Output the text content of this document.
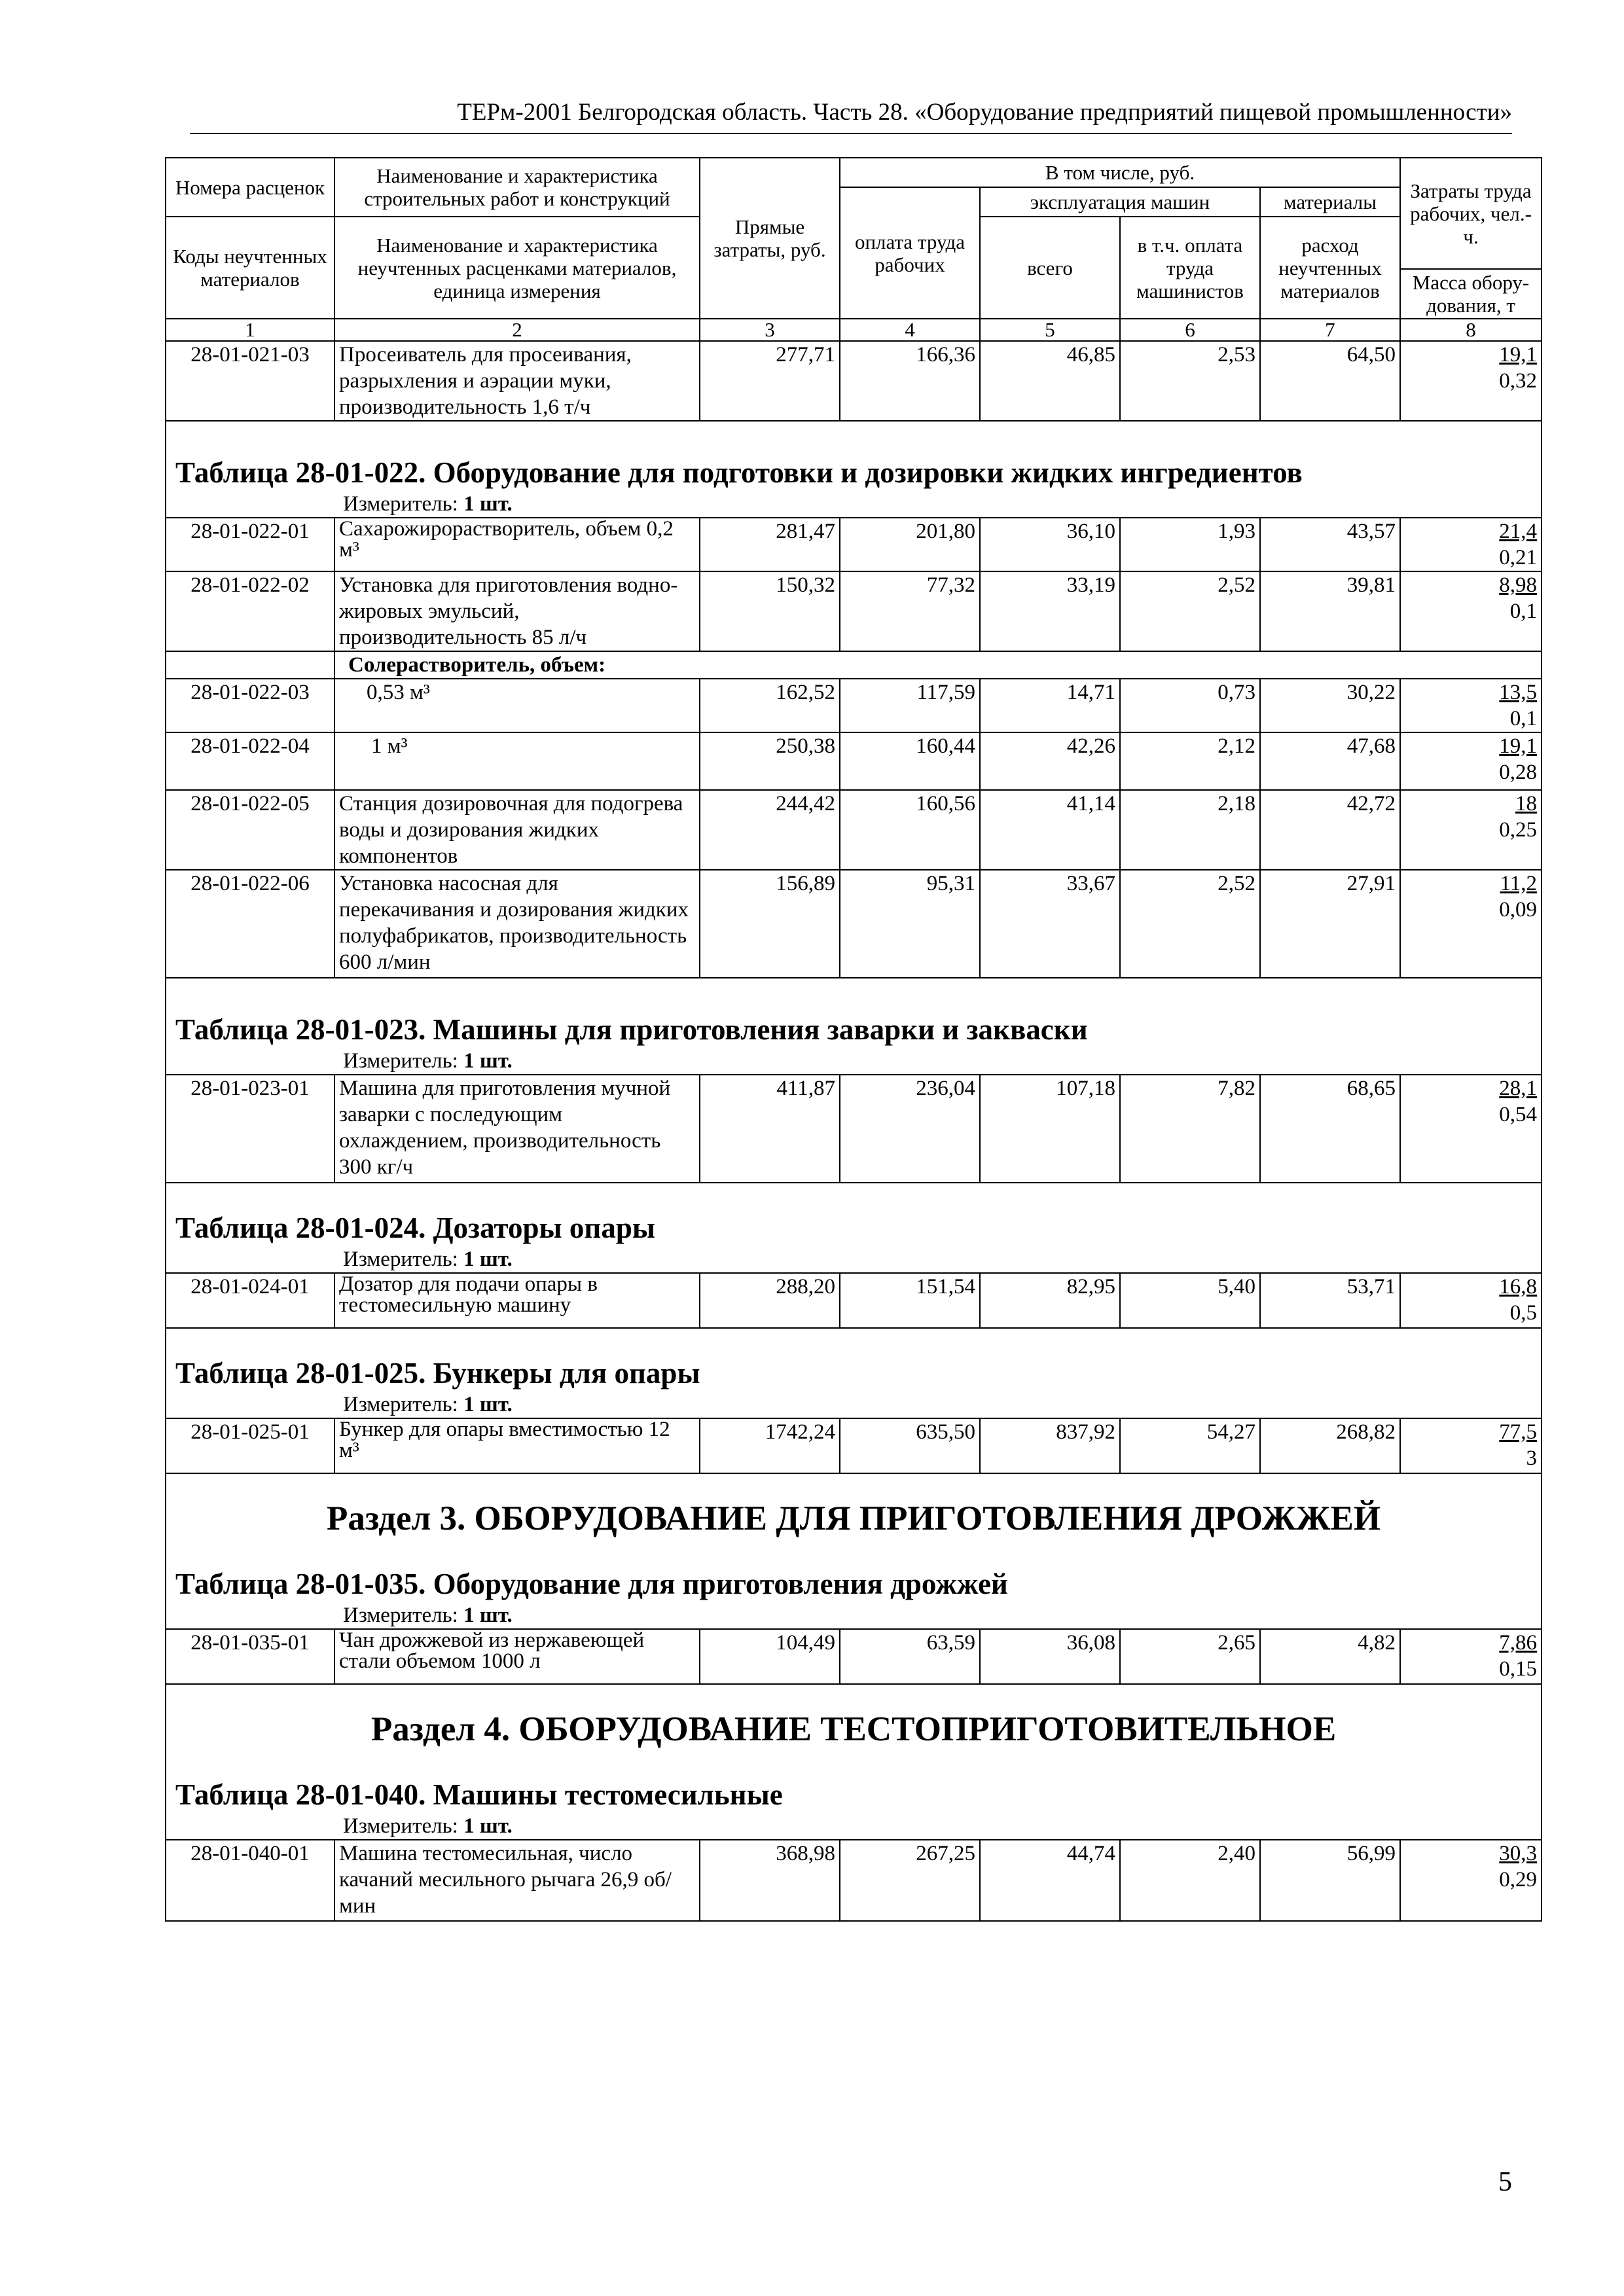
ТЕРм-2001 Белгородская область. Часть 28. «Оборудование предприятий пищевой промышленности»
Номера расценок	Наименование и характеристика строительных работ и конструкций	Прямые затраты, руб.	В том числе, руб.				Затраты труда рабочих, чел.-ч.
			оплата труда рабочих	эксплуатация машин		материалы	
Коды неучтенных материалов	Наименование и характеристика неучтенных расценками материалов, единица измерения			всего	в т.ч. оплата труда машинистов	расход неучтенных материалов	
							Масса обору-дования, т
1	2	3	4	5	6	7	8
28-01-021-03	Просеиватель для просеивания, разрыхления и аэрации муки, производительность 1,6 т/ч	277,71	166,36	46,85	2,53	64,50	19,1
0,32

Таблица 28-01-022. Оборудование для подготовки и дозировки жидких ингредиентов
Измеритель: 1 шт.							

28-01-022-01	Сахарожирорастворитель, объем 0,2 м³	281,47	201,80	36,10	1,93	43,57	21,4
0,21
28-01-022-02	Установка для приготовления водно-жировых эмульсий, производительность 85 л/ч	150,32	77,32	33,19	2,52	39,81	8,98
0,1
	Солерастворитель, объем:						
28-01-022-03	0,53 м³	162,52	117,59	14,71	0,73	30,22	13,5
0,1
28-01-022-04	1 м³	250,38	160,44	42,26	2,12	47,68	19,1
0,28
28-01-022-05	Станция дозировочная для подогрева воды и дозирования жидких компонентов	244,42	160,56	41,14	2,18	42,72	18
0,25
28-01-022-06	Установка насосная для перекачивания и дозирования жидких полуфабрикатов, производительность 600 л/мин	156,89	95,31	33,67	2,52	27,91	11,2
0,09

Таблица 28-01-023. Машины для приготовления заварки и закваски
Измеритель: 1 шт.							

28-01-023-01	Машина для приготовления мучной заварки с последующим охлаждением, производительность 300 кг/ч	411,87	236,04	107,18	7,82	68,65	28,1
0,54

Таблица 28-01-024. Дозаторы опары
Измеритель: 1 шт.							

28-01-024-01	Дозатор для подачи опары в тестомесильную машину	288,20	151,54	82,95	5,40	53,71	16,8
0,5

Таблица 28-01-025. Бункеры для опары
Измеритель: 1 шт.							

28-01-025-01	Бункер для опары вместимостью 12 м³	1742,24	635,50	837,92	54,27	268,82	77,5
3

Раздел 3. ОБОРУДОВАНИЕ ДЛЯ ПРИГОТОВЛЕНИЯ ДРОЖЖЕЙ
Таблица 28-01-035. Оборудование для приготовления дрожжей
Измеритель: 1 шт.							

28-01-035-01	Чан дрожжевой из нержавеющей стали объемом 1000 л	104,49	63,59	36,08	2,65	4,82	7,86
0,15

Раздел 4. ОБОРУДОВАНИЕ ТЕСТОПРИГОТОВИТЕЛЬНОЕ
Таблица 28-01-040. Машины тестомесильные
Измеритель: 1 шт.							

28-01-040-01	Машина тестомесильная, число качаний месильного рычага 26,9 об/мин	368,98	267,25	44,74	2,40	56,99	30,3
0,29
5
